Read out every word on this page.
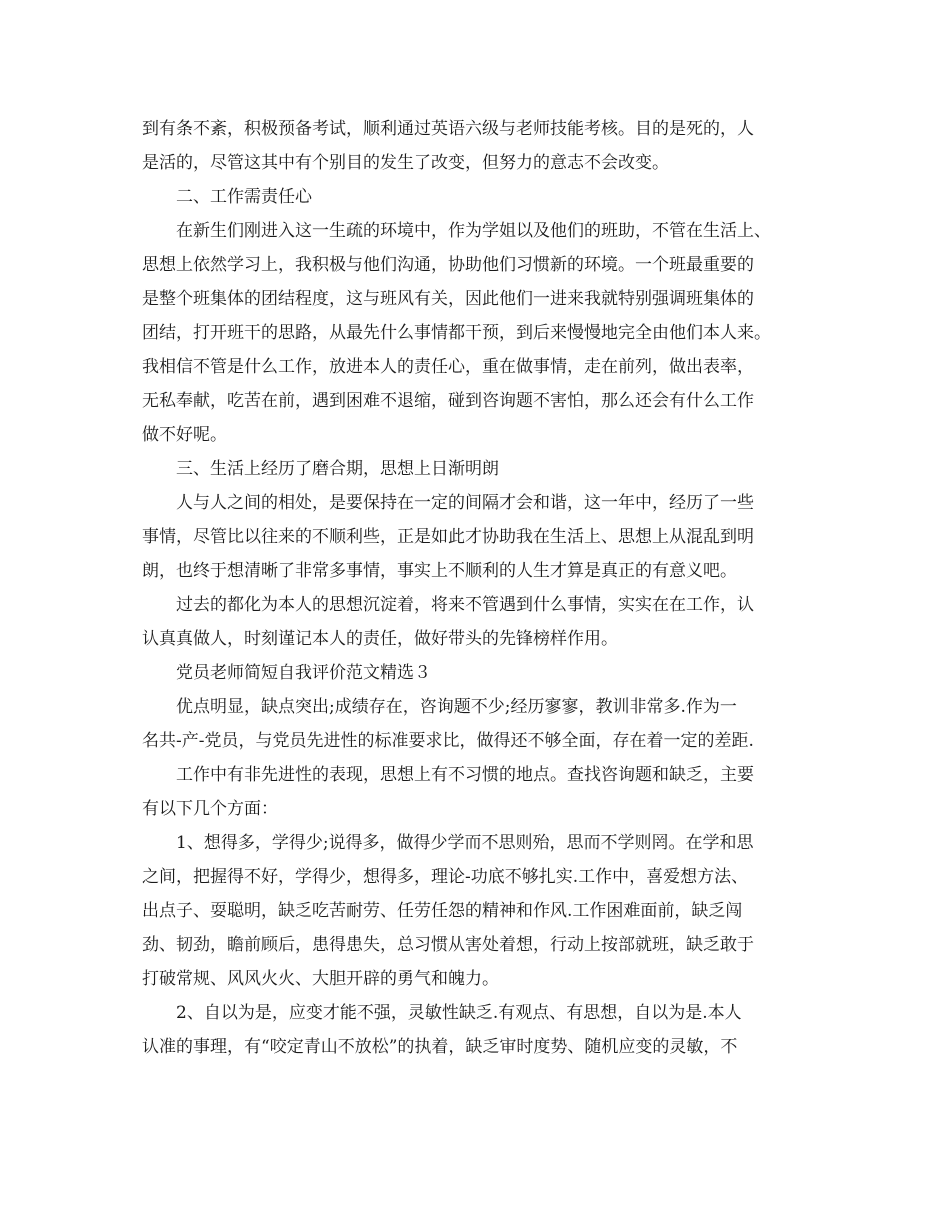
到有条不紊，积极预备考试，顺利通过英语六级与老师技能考核。目的是死的，人
是活的，尽管这其中有个别目的发生了改变，但努力的意志不会改变。

二、工作需责任心

在新生们刚进入这一生疏的环境中，作为学姐以及他们的班助，不管在生活上、
思想上依然学习上，我积极与他们沟通，协助他们习惯新的环境。一个班最重要的
是整个班集体的团结程度，这与班风有关，因此他们一进来我就特别强调班集体的
团结，打开班干的思路，从最先什么事情都干预，到后来慢慢地完全由他们本人来。
我相信不管是什么工作，放进本人的责任心，重在做事情，走在前列，做出表率，
无私奉献，吃苦在前，遇到困难不退缩，碰到咨询题不害怕，那么还会有什么工作
做不好呢。

三、生活上经历了磨合期，思想上日渐明朗

人与人之间的相处，是要保持在一定的间隔才会和谐，这一年中，经历了一些
事情，尽管比以往来的不顺利些，正是如此才协助我在生活上、思想上从混乱到明
朗，也终于想清晰了非常多事情，事实上不顺利的人生才算是真正的有意义吧。

过去的都化为本人的思想沉淀着，将来不管遇到什么事情，实实在在工作，认
认真真做人，时刻谨记本人的责任，做好带头的先锋榜样作用。

党员老师简短自我评价范文精选３

优点明显，缺点突出;成绩存在，咨询题不少;经历寥寥，教训非常多.作为一
名共-产-党员，与党员先进性的标准要求比，做得还不够全面，存在着一定的差距.

工作中有非先进性的表现，思想上有不习惯的地点。查找咨询题和缺乏，主要
有以下几个方面：

1、想得多，学得少;说得多，做得少学而不思则殆，思而不学则罔。在学和思
之间，把握得不好，学得少，想得多，理论-功底不够扎实.工作中，喜爱想方法、
出点子、耍聪明，缺乏吃苦耐劳、任劳任怨的精神和作风.工作困难面前，缺乏闯
劲、韧劲，瞻前顾后，患得患失，总习惯从害处着想，行动上按部就班，缺乏敢于
打破常规、风风火火、大胆开辟的勇气和魄力。

2、自以为是，应变才能不强，灵敏性缺乏.有观点、有思想，自以为是.本人
认准的事理，有“咬定青山不放松”的执着，缺乏审时度势、随机应变的灵敏，不
